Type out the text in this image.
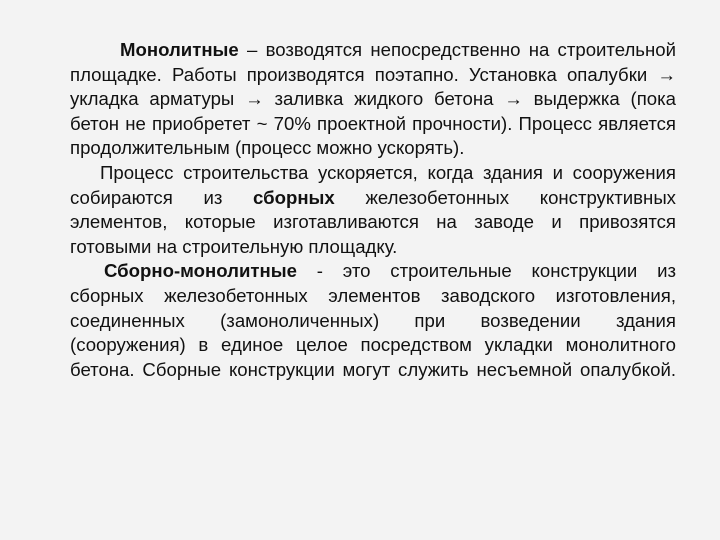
Монолитные – возводятся непосредственно на строительной площадке. Работы производятся поэтапно. Установка опалубки → укладка арматуры → заливка жидкого бетона → выдержка (пока бетон не приобретет ~ 70% проектной прочности). Процесс является продолжительным (процесс можно ускорять).

Процесс строительства ускоряется, когда здания и сооружения собираются из сборных железобетонных конструктивных элементов, которые изготавливаются на заводе и привозятся готовыми на строительную площадку.

Сборно-монолитные - это строительные конструкции из сборных железобетонных элементов заводского изготовления, соединенных (замоноличенных) при возведении здания (сооружения) в единое целое посредством укладки монолитного бетона. Сборные конструкции могут служить несъемной опалубкой.
